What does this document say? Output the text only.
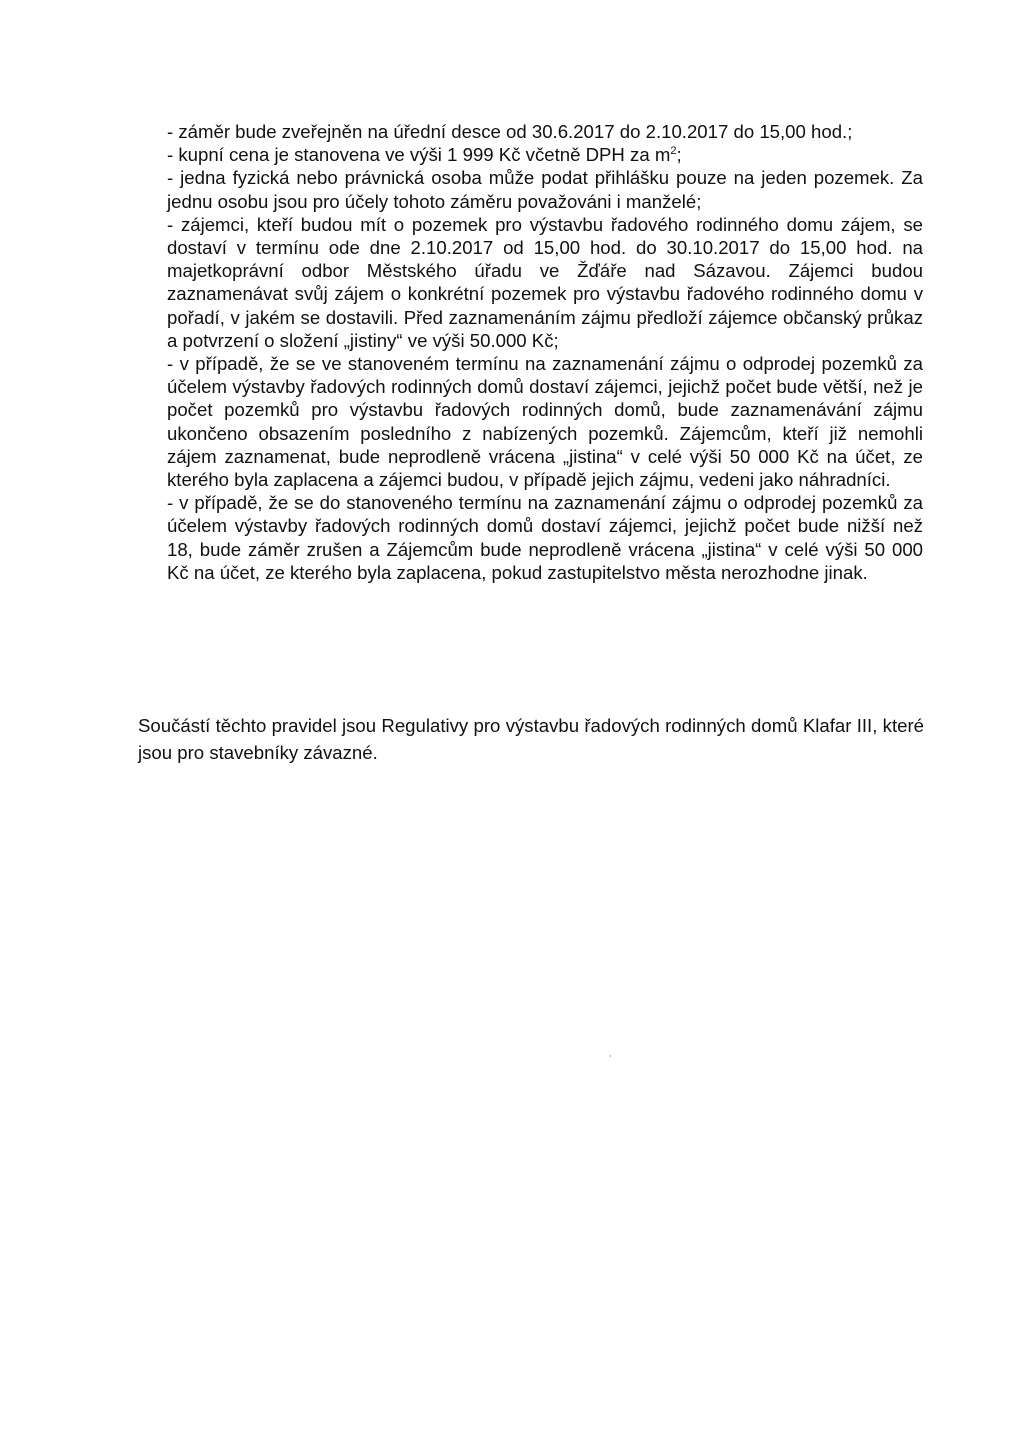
- záměr bude zveřejněn na úřední desce od 30.6.2017 do 2.10.2017 do 15,00 hod.;

- kupní cena je stanovena ve výši 1 999 Kč včetně DPH za $m^2$;

- jedna fyzická nebo právnická osoba může podat přihlášku pouze na jeden pozemek. Za jednu osobu jsou pro účely tohoto záměru považováni i manželé;

- zájemci, kteří budou mít o pozemek pro výstavbu řadového rodinného domu zájem, se dostaví v termínu ode dne 2.10.2017 od 15,00 hod. do 30.10.2017 do 15,00 hod. na majetkoprávní odbor Městského úřadu ve Žďáře nad Sázavou. Zájemci budou zaznamenávat svůj zájem o konkrétní pozemek pro výstavbu řadového rodinného domu v pořadí, v jakém se dostavili. Před zaznamenáním zájmu předloží zájemce občanský průkaz a potvrzení o složení „jistiny“ ve výši 50.000 Kč;

- v případě, že se ve stanoveném termínu na zaznamenání zájmu o odprodej pozemků za účelem výstavby řadových rodinných domů dostaví zájemci, jejichž počet bude větší, než je počet pozemků pro výstavbu řadových rodinných domů, bude zaznamenávání zájmu ukončeno obsazením posledního z nabízených pozemků. Zájemcům, kteří již nemohli zájem zaznamenat, bude neprodleně vrácena „jistina“ v celé výši 50 000 Kč na účet, ze kterého byla zaplacena a zájemci budou, v případě jejich zájmu, vedeni jako náhradníci.

- v případě, že se do stanoveného termínu na zaznamenání zájmu o odprodej pozemků za účelem výstavby řadových rodinných domů dostaví zájemci, jejichž počet bude nižší než 18, bude záměr zrušen a Zájemcům bude neprodleně vrácena „jistina“ v celé výši 50 000 Kč na účet, ze kterého byla zaplacena, pokud zastupitelstvo města nerozhodne jinak.

Součástí těchto pravidel jsou Regulativy pro výstavbu řadových rodinných domů Klafar III, které jsou pro stavebníky závazné.
